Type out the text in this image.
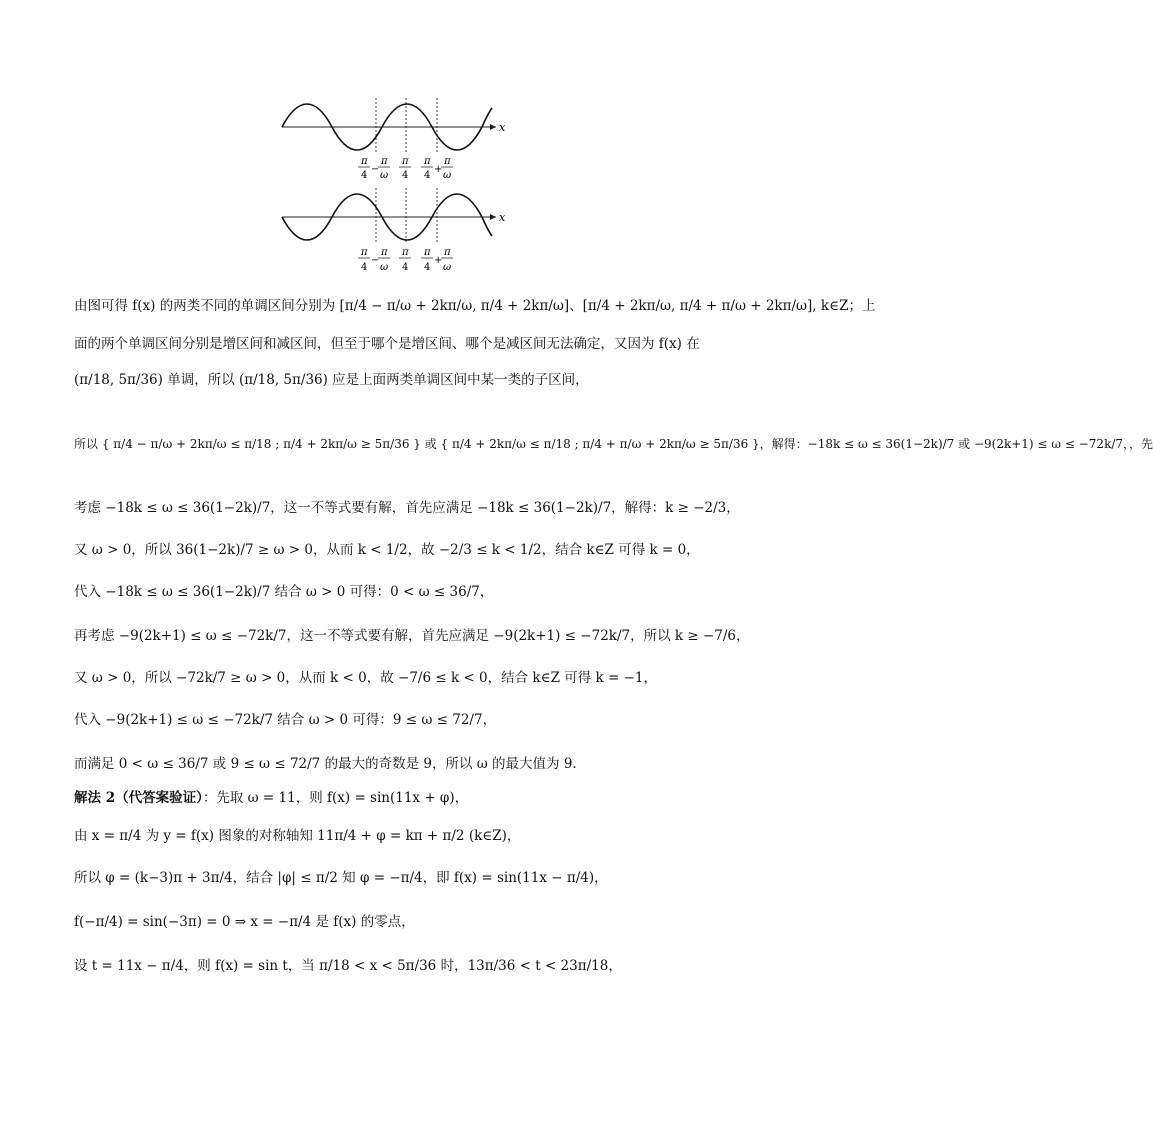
x
π
4
−
π
ω
π
4
π
4
+
π
ω
x
π
4
−
π
ω
π
4
π
4
+
π
ω
由图可得 f(x) 的两类不同的单调区间分别为 [π/4 − π/ω + 2kπ/ω, π/4 + 2kπ/ω]、[π/4 + 2kπ/ω, π/4 + π/ω + 2kπ/ω], k∈Z；上
面的两个单调区间分别是增区间和减区间，但至于哪个是增区间、哪个是减区间无法确定，又因为 f(x) 在
(π/18, 5π/36) 单调，所以 (π/18, 5π/36) 应是上面两类单调区间中某一类的子区间，
所以 { π/4 − π/ω + 2kπ/ω ≤ π/18 ; π/4 + 2kπ/ω ≥ 5π/36 } 或 { π/4 + 2kπ/ω ≤ π/18 ; π/4 + π/ω + 2kπ/ω ≥ 5π/36 }，解得：−18k ≤ ω ≤ 36(1−2k)/7 或 −9(2k+1) ≤ ω ≤ −72k/7，，先
考虑 −18k ≤ ω ≤ 36(1−2k)/7，这一不等式要有解，首先应满足 −18k ≤ 36(1−2k)/7，解得：k ≥ −2/3，
又 ω > 0，所以 36(1−2k)/7 ≥ ω > 0，从而 k < 1/2，故 −2/3 ≤ k < 1/2，结合 k∈Z 可得 k = 0，
代入 −18k ≤ ω ≤ 36(1−2k)/7 结合 ω > 0 可得：0 < ω ≤ 36/7，
再考虑 −9(2k+1) ≤ ω ≤ −72k/7，这一不等式要有解，首先应满足 −9(2k+1) ≤ −72k/7，所以 k ≥ −7/6，
又 ω > 0，所以 −72k/7 ≥ ω > 0，从而 k < 0，故 −7/6 ≤ k < 0，结合 k∈Z 可得 k = −1，
代入 −9(2k+1) ≤ ω ≤ −72k/7 结合 ω > 0 可得：9 ≤ ω ≤ 72/7，
而满足 0 < ω ≤ 36/7 或 9 ≤ ω ≤ 72/7 的最大的奇数是 9，所以 ω 的最大值为 9.
解法 2（代答案验证）：先取 ω = 11，则 f(x) = sin(11x + φ)，
由 x = π/4 为 y = f(x) 图象的对称轴知 11π/4 + φ = kπ + π/2 (k∈Z)，
所以 φ = (k−3)π + 3π/4，结合 |φ| ≤ π/2 知 φ = −π/4，即 f(x) = sin(11x − π/4)，
f(−π/4) = sin(−3π) = 0 ⇒ x = −π/4 是 f(x) 的零点，
设 t = 11x − π/4，则 f(x) = sin t，当 π/18 < x < 5π/36 时，13π/36 < t < 23π/18，
